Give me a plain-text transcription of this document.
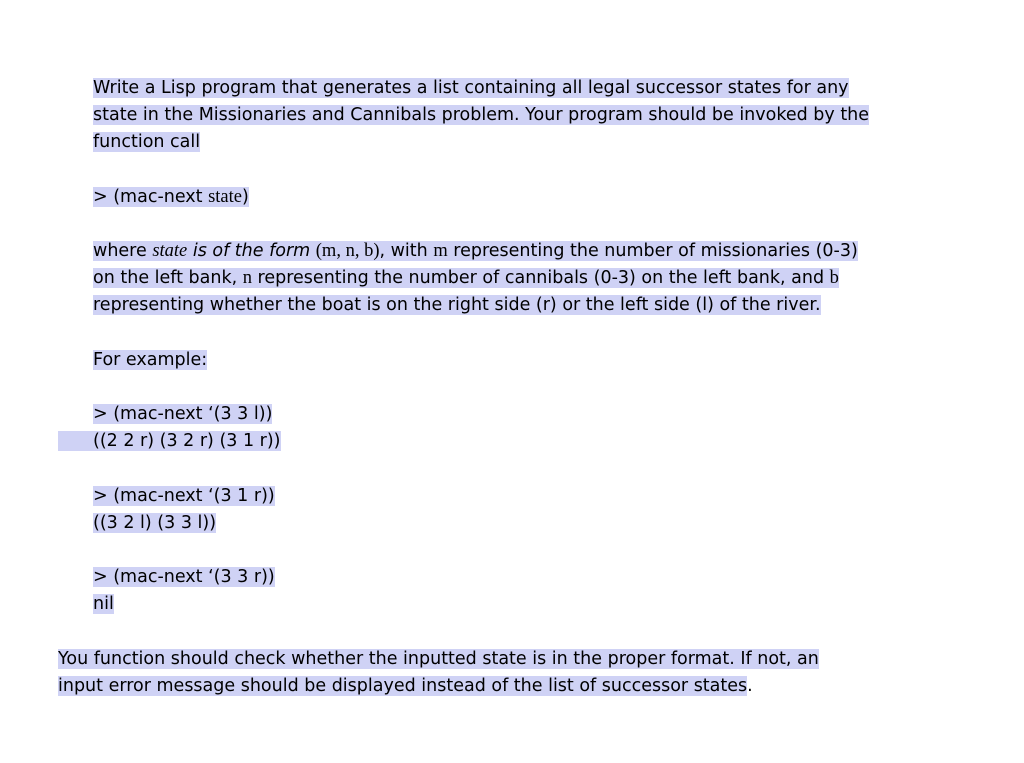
Write a Lisp program that generates a list containing all legal successor states for any
state in the Missionaries and Cannibals problem. Your program should be invoked by the
function call
> (mac-next state)
where state is of the form (m, n, b), with m representing the number of missionaries (0-3)
on the left bank, n representing the number of cannibals (0-3) on the left bank, and b
representing whether the boat is on the right side (r) or the left side (l) of the river.
For example:
> (mac-next ‘(3 3 l))
((2 2 r) (3 2 r) (3 1 r))
> (mac-next ‘(3 1 r))
((3 2 l) (3 3 l))
> (mac-next ‘(3 3 r))
nil
You function should check whether the inputted state is in the proper format. If not, an
input error message should be displayed instead of the list of successor states.
